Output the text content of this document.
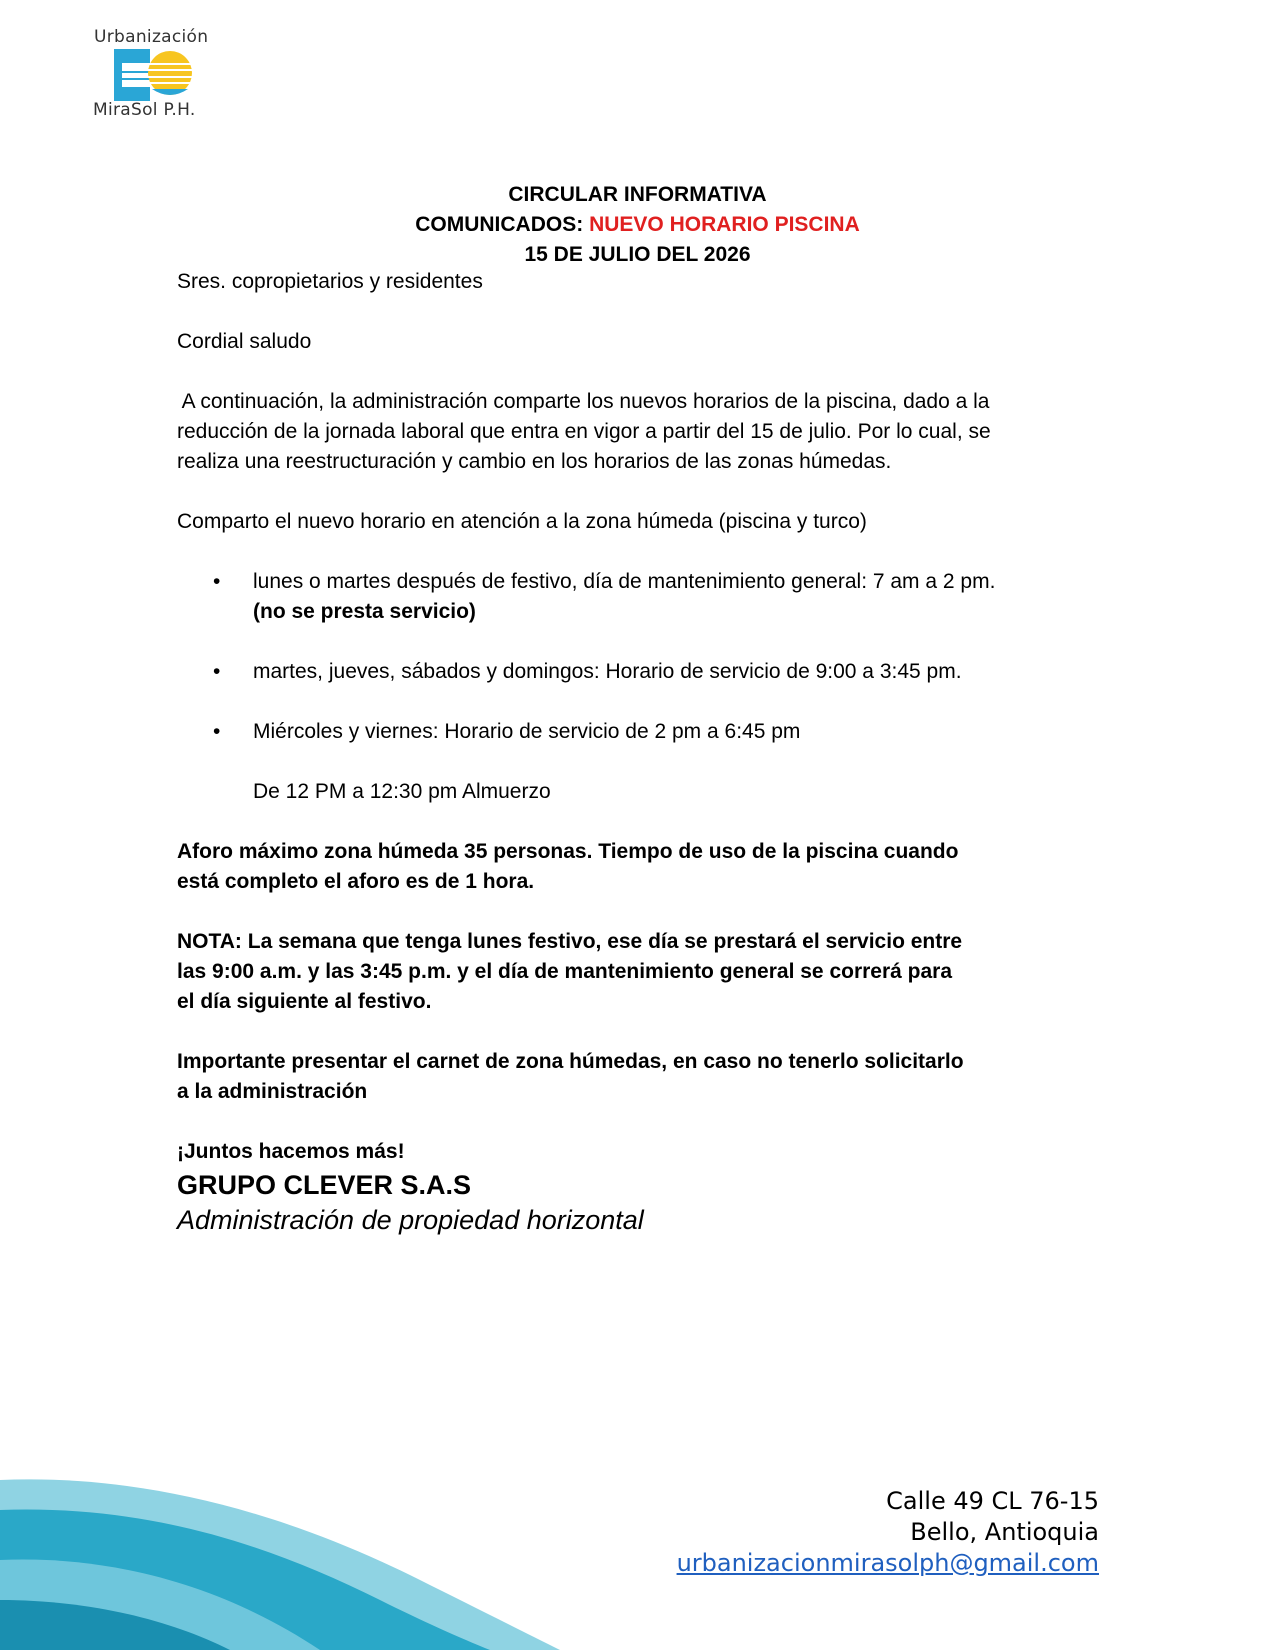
Urbanización
MiraSol P.H.
CIRCULAR INFORMATIVA
COMUNICADOS: NUEVO HORARIO PISCINA
15 DE JULIO DEL 2026

Sres. copropietarios y residentes

Cordial saludo

A continuación, la administración comparte los nuevos horarios de la piscina, dado a la

reducción de la jornada laboral que entra en vigor a partir del 15 de julio. Por lo cual, se

realiza una reestructuración y cambio en los horarios de las zonas húmedas.

Comparto el nuevo horario en atención a la zona húmeda (piscina y turco)

• lunes o martes después de festivo, día de mantenimiento general: 7 am a 2 pm.
(no se presta servicio)
• martes, jueves, sábados y domingos: Horario de servicio de 9:00 a 3:45 pm.
• Miércoles y viernes: Horario de servicio de 2 pm a 6:45 pm

De 12 PM a 12:30 pm Almuerzo

Aforo máximo zona húmeda 35 personas. Tiempo de uso de la piscina cuando

está completo el aforo es de 1 hora.

NOTA: La semana que tenga lunes festivo, ese día se prestará el servicio entre

las 9:00 a.m. y las 3:45 p.m. y el día de mantenimiento general se correrá para

el día siguiente al festivo.

Importante presentar el carnet de zona húmedas, en caso no tenerlo solicitarlo

a la administración

¡Juntos hacemos más!

GRUPO CLEVER S.A.S

Administración de propiedad horizontal

Calle 49 CL 76-15
Bello, Antioquia
urbanizacionmirasolph@gmail.com
